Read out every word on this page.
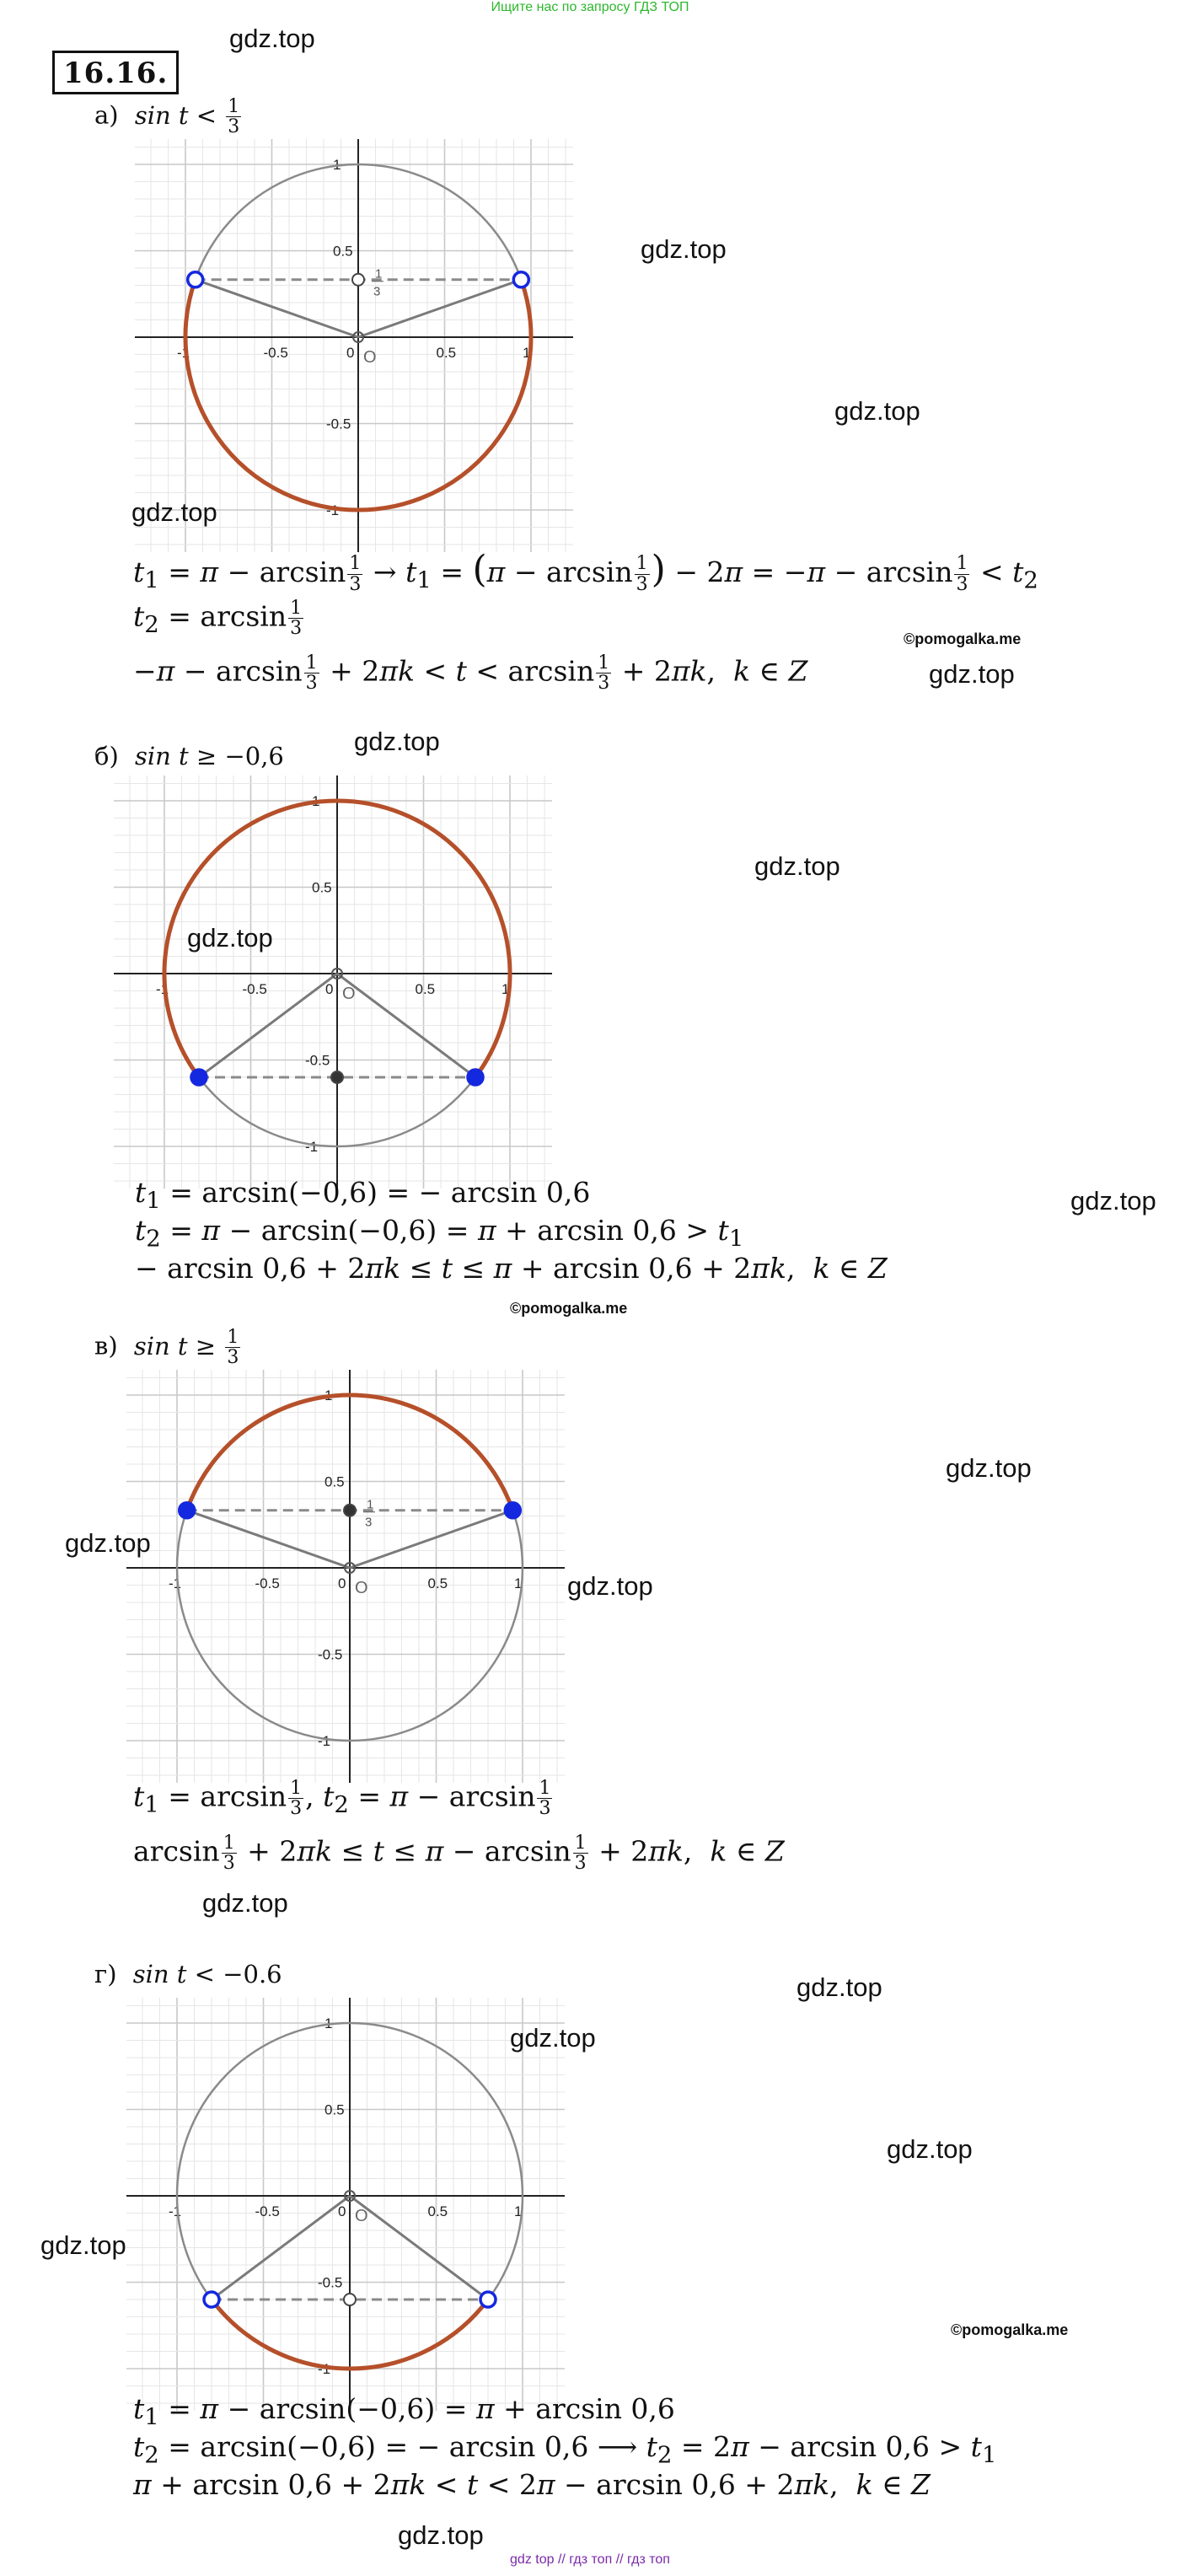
Ищите нас по запросу ГДЗ ТОП
16.16.
а) $\sin t < \frac{1}{3}$
-1	-0.5	0	0.5	1
1
0.5
-0.5
-1
O
1
3
$t_1 = \pi - \arcsin \frac{1}{3} \to t_1 = (\pi - \arcsin \frac{1}{3}$ ) − $2\pi = -\pi - \arcsin \frac{1}{3} < t_2$
$t_2 = \arcsin \frac{1}{3}$
$-\pi - \arcsin \frac{1}{3} + 2\pi k < t < \arcsin \frac{1}{3} + 2\pi k$,  k ∈ Z
б) sin t ≥ −0,6
-1	-0.5	0	0.5	1
1
0.5
-0.5
-1
O
$t_1 = \arcsin(-0,6)$ = − arcsin 0,6
$t_2 = \pi - \arcsin(-0,6) = \pi + \arcsin 0,6 > t_1$
− arcsin 0,6 + 2πk ≤ t ≤ π + arcsin 0,6 + 2πk,  k ∈ Z
в) $\sin t \ge \frac{1}{3}$
-1	-0.5	0	0.5	1
1
0.5
-0.5
-1
O
1
3
$t_1 = \arcsin \frac{1}{3}$ , $t_2 = \pi - \arcsin \frac{1}{3}$
$\arcsin \frac{1}{3} + 2\pi k \le t \le \pi - \arcsin \frac{1}{3} + 2\pi k$,  k ∈ Z
г) sin t < −0.6
-1	-0.5	0	0.5	1
1
0.5
-0.5
-1
O
$t_1 = \pi - \arcsin(-0,6) = \pi + \arcsin 0,6$
$t_2 = \arcsin(-0,6)$ = − arcsin 0,6 ⟶ $t_2 = 2\pi - \arcsin 0,6 > t_1$
π + arcsin 0,6 + 2πk < t < 2π − arcsin 0,6 + 2πk,  k ∈ Z
gdz.top
gdz.top
gdz.top
gdz.top
gdz.top
gdz.top
gdz.top
gdz.top
gdz.top
gdz.top
gdz.top
gdz.top
gdz.top
gdz.top
gdz.top
gdz.top
gdz.top
gdz.top
©pomogalka.me
©pomogalka.me
©pomogalka.me
gdz top // гдз топ // гдз топ
